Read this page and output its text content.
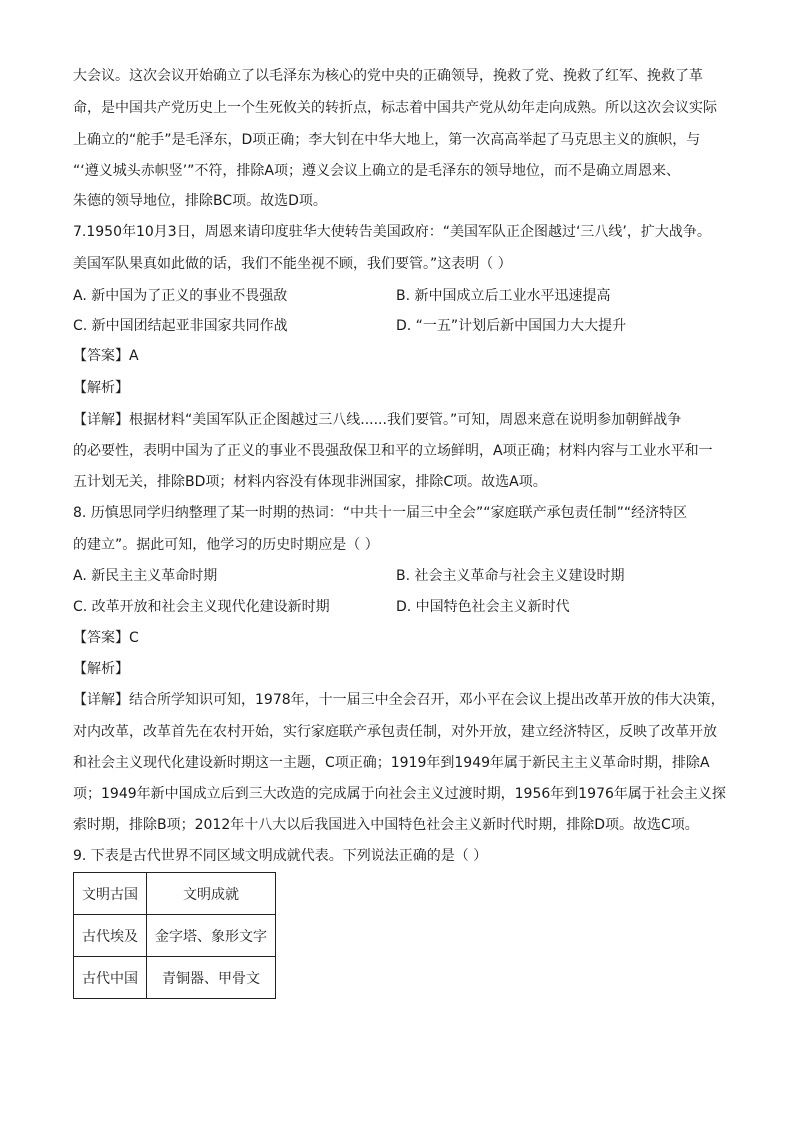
大会议。这次会议开始确立了以毛泽东为核心的党中央的正确领导，挽救了党、挽救了红军、挽救了革
命，是中国共产党历史上一个生死攸关的转折点，标志着中国共产党从幼年走向成熟。所以这次会议实际
上确立的“舵手”是毛泽东，D项正确；李大钊在中华大地上，第一次高高举起了马克思主义的旗帜，与
“‘遵义城头赤帜竖’”不符，排除A项；遵义会议上确立的是毛泽东的领导地位，而不是确立周恩来、
朱德的领导地位，排除BC项。故选D项。
7.1950年10月3日，周恩来请印度驻华大使转告美国政府：“美国军队正企图越过‘三八线’，扩大战争。
美国军队果真如此做的话，我们不能坐视不顾，我们要管。”这表明（ ）
A. 新中国为了正义的事业不畏强敌	B. 新中国成立后工业水平迅速提高
C. 新中国团结起亚非国家共同作战	D. “一五”计划后新中国国力大大提升
【答案】A
【解析】
【详解】根据材料“美国军队正企图越过三八线......我们要管。”可知，周恩来意在说明参加朝鲜战争
的必要性，表明中国为了正义的事业不畏强敌保卫和平的立场鲜明，A项正确；材料内容与工业水平和一
五计划无关，排除BD项；材料内容没有体现非洲国家，排除C项。故选A项。
8. 历慎思同学归纳整理了某一时期的热词：“中共十一届三中全会”“家庭联产承包责任制”“经济特区
的建立”。据此可知，他学习的历史时期应是（ ）
A. 新民主主义革命时期	B. 社会主义革命与社会主义建设时期
C. 改革开放和社会主义现代化建设新时期	D. 中国特色社会主义新时代
【答案】C
【解析】
【详解】结合所学知识可知，1978年，十一届三中全会召开，邓小平在会议上提出改革开放的伟大决策，
对内改革，改革首先在农村开始，实行家庭联产承包责任制，对外开放，建立经济特区，反映了改革开放
和社会主义现代化建设新时期这一主题，C项正确；1919年到1949年属于新民主主义革命时期，排除A
项；1949年新中国成立后到三大改造的完成属于向社会主义过渡时期，1956年到1976年属于社会主义探
索时期，排除B项；2012年十八大以后我国进入中国特色社会主义新时代时期，排除D项。故选C项。
9. 下表是古代世界不同区域文明成就代表。下列说法正确的是（ ）
文明古国	文明成就
古代埃及	金字塔、象形文字
古代中国	青铜器、甲骨文
